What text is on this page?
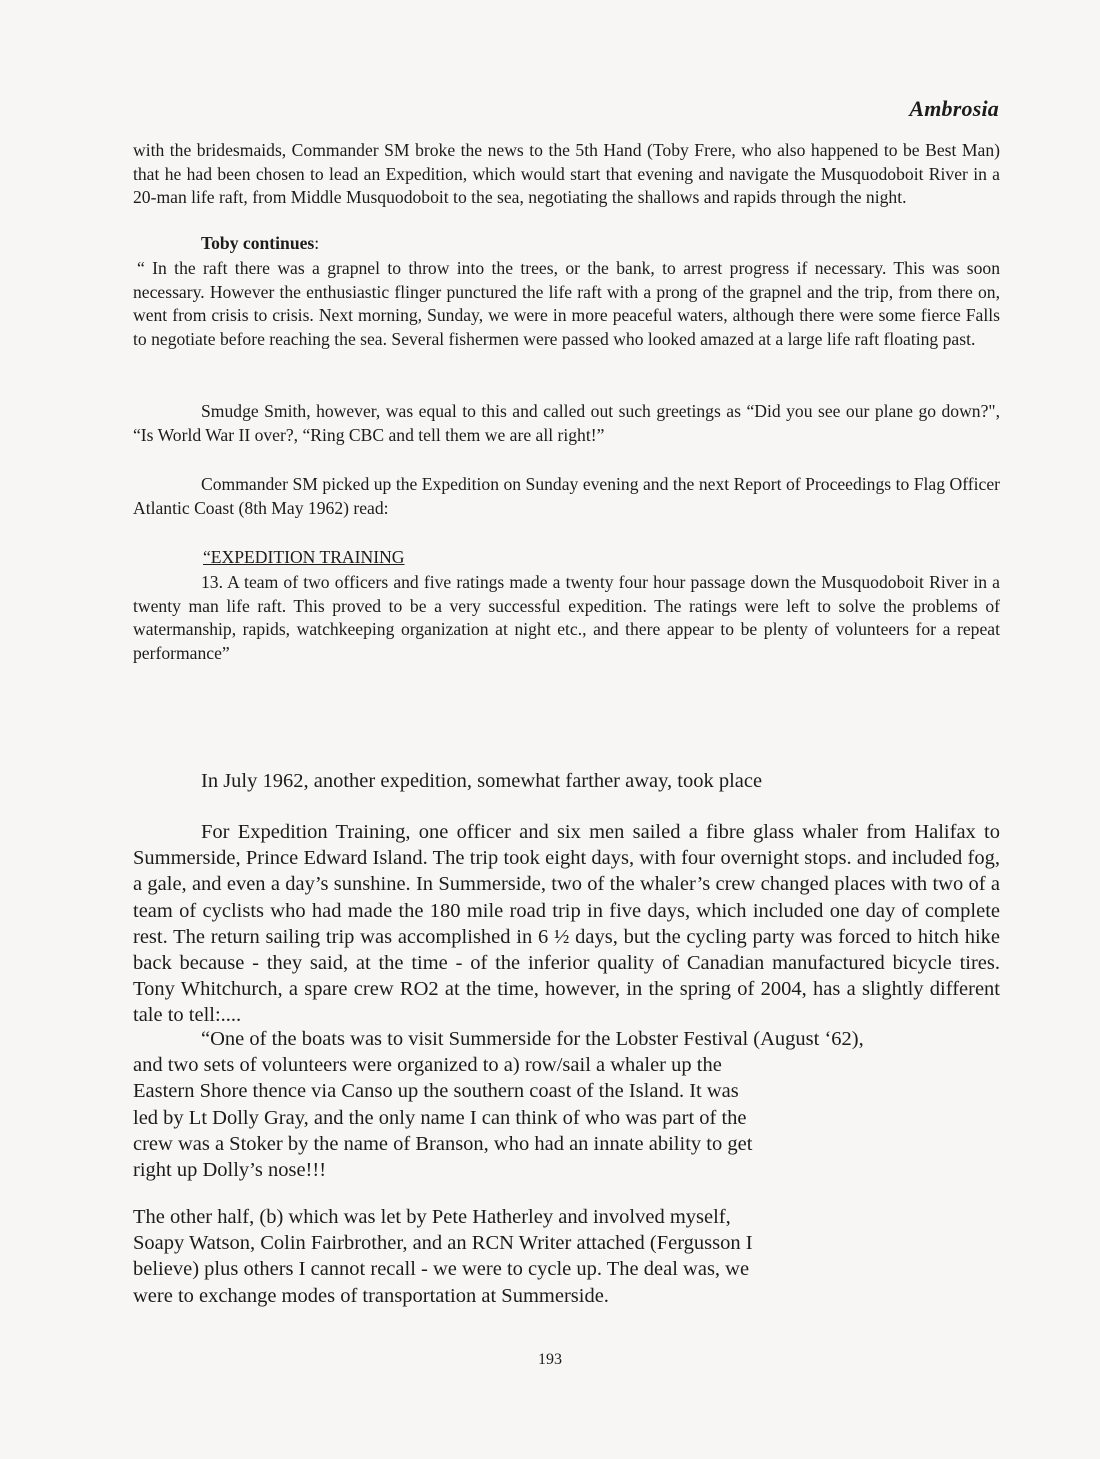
Ambrosia

with the bridesmaids, Commander SM broke the news to the 5th Hand (Toby Frere, who also happened to be Best Man) that he had been chosen to lead an Expedition, which would start that evening and navigate the Musquodoboit River in a 20-man life raft, from Middle Musquodoboit to the sea, negotiating the shallows and rapids through the night.

Toby continues:

“ In the raft there was a grapnel to throw into the trees, or the bank, to arrest progress if necessary. This was soon necessary. However the enthusiastic flinger punctured the life raft with a prong of the grapnel and the trip, from there on, went from crisis to crisis. Next morning, Sunday, we were in more peaceful waters, although there were some fierce Falls to negotiate before reaching the sea. Several fishermen were passed who looked amazed at a large life raft floating past.

Smudge Smith, however, was equal to this and called out such greetings as “Did you see our plane go down?", “Is World War II over?, “Ring CBC and tell them we are all right!”

Commander SM picked up the Expedition on Sunday evening and the next Report of Proceedings to Flag Officer Atlantic Coast (8th May 1962) read:

“EXPEDITION TRAINING

13. A team of two officers and five ratings made a twenty four hour passage down the Musquodoboit River in a twenty man life raft. This proved to be a very successful expedition. The ratings were left to solve the problems of watermanship, rapids, watchkeeping organization at night etc., and there appear to be plenty of volunteers for a repeat performance”

In July 1962, another expedition, somewhat farther away, took place

For Expedition Training, one officer and six men sailed a fibre glass whaler from Halifax to Summerside, Prince Edward Island. The trip took eight days, with four overnight stops. and included fog, a gale, and even a day’s sunshine. In Summerside, two of the whaler’s crew changed places with two of a team of cyclists who had made the 180 mile road trip in five days, which included one day of complete rest. The return sailing trip was accomplished in 6 ½ days, but the cycling party was forced to hitch hike back because - they said, at the time - of the inferior quality of Canadian manufactured bicycle tires. Tony Whitchurch, a spare crew RO2 at the time, however, in the spring of 2004, has a slightly different tale to tell:....

“One of the boats was to visit Summerside for the Lobster Festival (August ‘62),
and two sets of volunteers were organized to a) row/sail a whaler up the
Eastern Shore thence via Canso up the southern coast of the Island. It was
led by Lt Dolly Gray, and the only name I can think of who was part of the
crew was a Stoker by the name of Branson, who had an innate ability to get
right up Dolly’s nose!!!
The other half, (b) which was let by Pete Hatherley and involved myself,
Soapy Watson, Colin Fairbrother, and an RCN Writer attached (Fergusson I
believe) plus others I cannot recall - we were to cycle up. The deal was, we
were to exchange modes of transportation at Summerside.
193
